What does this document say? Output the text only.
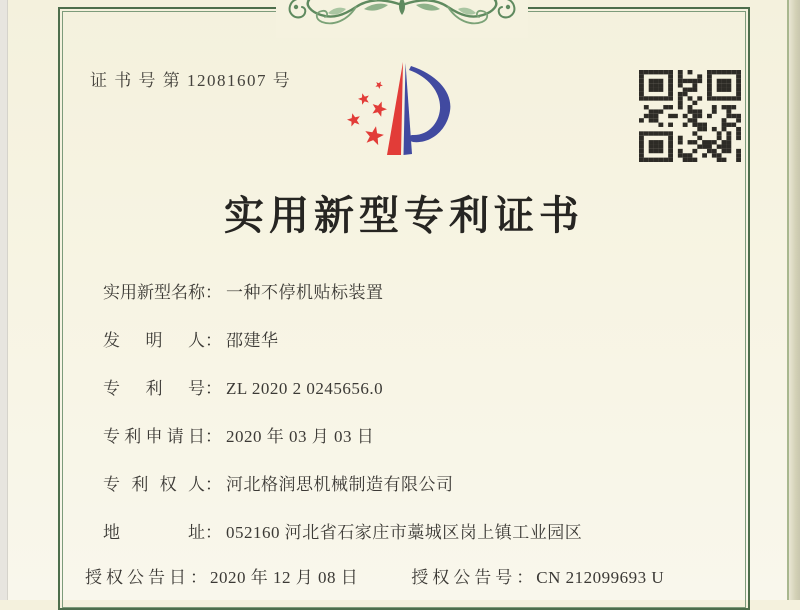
证 书 号 第 12081607 号
实用新型专利证书
实用新型名称： 一种不停机贴标装置
发明人： 邵建华
专利号： ZL 2020 2 0245656.0
专利申请日： 2020 年 03 月 03 日
专利权人： 河北格润思机械制造有限公司
地址： 052160 河北省石家庄市藁城区岗上镇工业园区
授权公告日： 2020 年 12 月 08 日	授权公告号： CN 212099693 U
